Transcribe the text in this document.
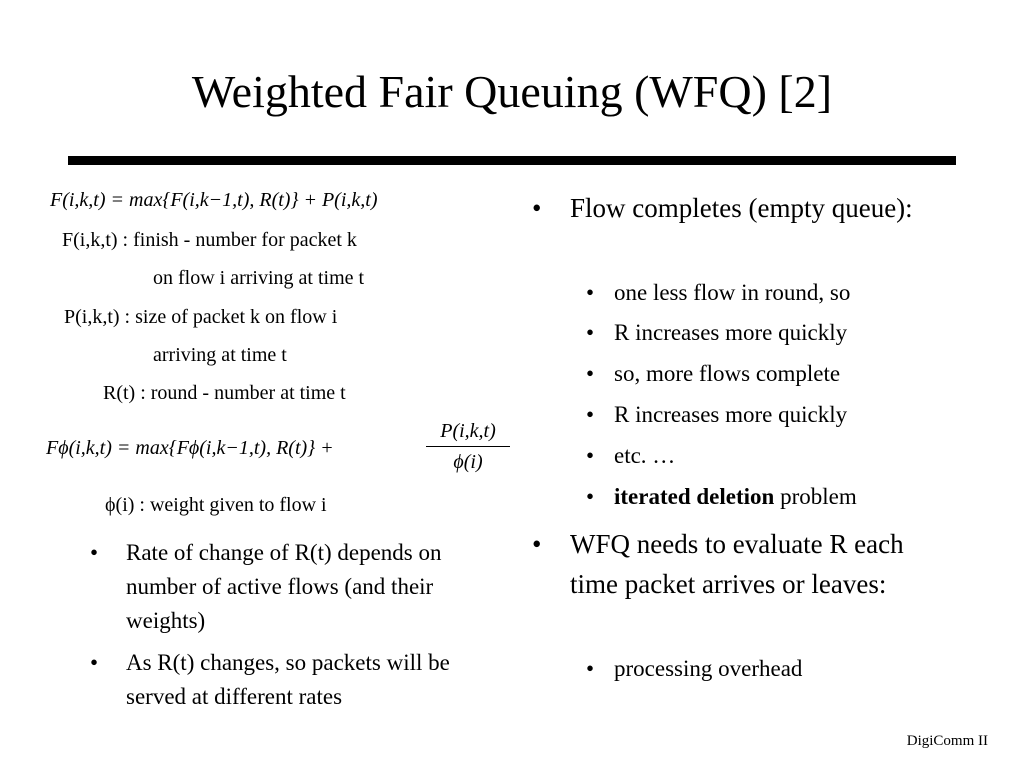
Weighted Fair Queuing (WFQ) [2]
F(i,k,t) = max{F(i,k−1,t), R(t)} + P(i,k,t)
F(i,k,t) : finish - number for packet k
on flow i arriving at time t
P(i,k,t) : size of packet k on flow i
arriving at time t
R(t) : round - number at time t
Fϕ(i,k,t) = max{Fϕ(i,k−1,t), R(t)} +
P(i,k,t)
ϕ(i)
ϕ(i) : weight given to flow i
• Rate of change of R(t) depends on number of active flows (and their weights)
• As R(t) changes, so packets will be served at different rates
• Flow completes (empty queue):
• one less flow in round, so
• R increases more quickly
• so, more flows complete
• R increases more quickly
• etc. …
• iterated deletion problem
• WFQ needs to evaluate R each time packet arrives or leaves:
• processing overhead
DigiComm II
